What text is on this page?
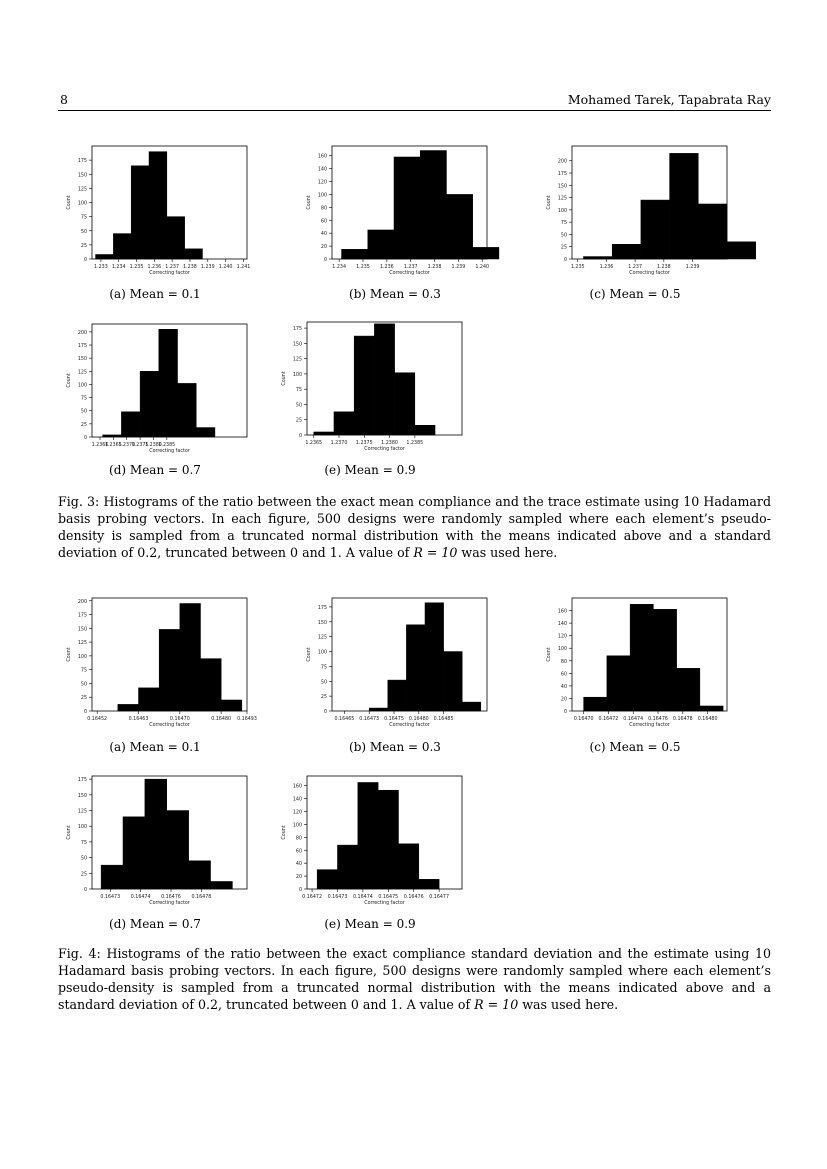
8	Mohamed Tarek, Tapabrata Ray
0
25
50
75
100
125
150
175
1.233 1.234 1.235 1.236 1.237 1.238 1.239 1.240 1.241
Correcting factor
Count
0
20
40
60
80
100
120
140
160
1.234 1.235 1.236 1.237 1.238 1.239 1.240
Correcting factor
Count
0
25
50
75
100
125
150
175
200
1.235	1.236	1.237	1.238	1.239
Correcting factor
Count
(a) Mean = 0.1	(b) Mean = 0.3	(c) Mean = 0.5
0
25
50
75
100
125
150
175
200
1.2366
1.2365
1.2370
1.2375
1.2380
1.2385
Correcting factor
Count
0
25
50
75
100
125
150
175
1.2365 1.2370 1.2375 1.2380 1.2385
Correcting factor
Count
(d) Mean = 0.7	(e) Mean = 0.9
Fig. 3: Histograms of the ratio between the exact mean compliance and the trace estimate using 10 Hadamard basis probing vectors. In each figure, 500 designs were randomly sampled where each element’s pseudo-density is sampled from a truncated normal distribution with the means indicated above and a standard deviation of 0.2, truncated between 0 and 1. A value of R = 10 was used here.
0
25
50
75
100
125
150
175
200
0.16452	0.16463	0.16470	0.16480 0.16493
Correcting factor
Count
0
25
50
75
100
125
150
175
0.16465 0.16473 0.16475 0.16480 0.16485
Correcting factor
Count
0
20
40
60
80
100
120
140
160
0.16470 0.16472 0.16474 0.16476 0.16478 0.16480
Correcting factor
Count
(a) Mean = 0.1	(b) Mean = 0.3	(c) Mean = 0.5
0
25
50
75
100
125
150
175
0.16473 0.16474 0.16476 0.16478
Correcting factor
Count
0
20
40
60
80
100
120
140
160
0.16472 0.16473 0.16474 0.16475 0.16476 0.16477
Correcting factor
Count
(d) Mean = 0.7	(e) Mean = 0.9
Fig. 4: Histograms of the ratio between the exact compliance standard deviation and the estimate using 10 Hadamard basis probing vectors. In each figure, 500 designs were randomly sampled where each element’s pseudo-density is sampled from a truncated normal distribution with the means indicated above and a standard deviation of 0.2, truncated between 0 and 1. A value of R = 10 was used here.
